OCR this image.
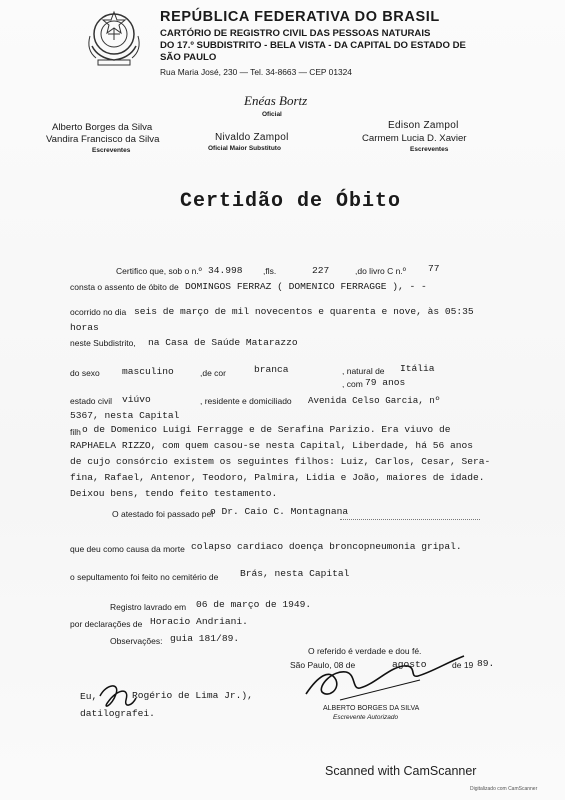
REPÚBLICA FEDERATIVA DO BRASIL
CARTÓRIO DE REGISTRO CIVIL DAS PESSOAS NATURAIS
DO 17.º SUBDISTRITO - BELA VISTA - DA CAPITAL DO ESTADO DE
SÃO PAULO
Rua Maria José, 230 — Tel. 34-8663 — CEP 01324
Enéas Bortz
Oficial
Alberto Borges da Silva
Vandira Francisco da Silva
Escreventes
Nivaldo Zampol
Oficial Maior Substituto
Edison Zampol
Carmem Lucia D. Xavier
Escreventes
Certidão de Óbito
Certifico que, sob o n.º 34.998 ,fls.	227	,do livro C n.º 77
consta o assento de óbito de DOMINGOS FERRAZ ( DOMENICO FERRAGGE ), - -
ocorrido no dia seis de março de mil novecentos e quarenta e nove, às 05:35
horas
neste Subdistrito, na Casa de Saúde Matarazzo
do sexo masculino	,de cor	branca	, natural de Itália
79 anos
, com
estado civil viúvo	, residente e domiciliado Avenida Celso Garcia, nº
5367, nesta Capital
filh o de Domenico Luigi Ferragge e de Serafina Parizio. Era viuvo de
RAPHAELA RIZZO, com quem casou-se nesta Capital, Liberdade, há 56 anos
de cujo consórcio existem os seguintes filhos: Luiz, Carlos, Cesar, Sera-
fina, Rafael, Antenor, Teodoro, Palmira, Lidia e João, maiores de idade.
Deixou bens, tendo feito testamento.
O atestado foi passado pel
o Dr. Caio C. Montagnana
que deu como causa da morte colapso cardiaco doença broncopneumonia gripal.
o sepultamento foi feito no cemitério de Brás, nesta Capital
Registro lavrado em 06 de março de 1949.
por declarações de Horacio Andriani.
Observações: guia 181/89.
O referido é verdade e dou fé.
São Paulo, 08 de	agosto	de 19 89.
Eu,	Rogério de Lima Jr.),
datilografei.	ALBERTO BORGES DA SILVA
Escrevente Autorizado
Scanned with CamScanner
Digitalizado com CamScanner
